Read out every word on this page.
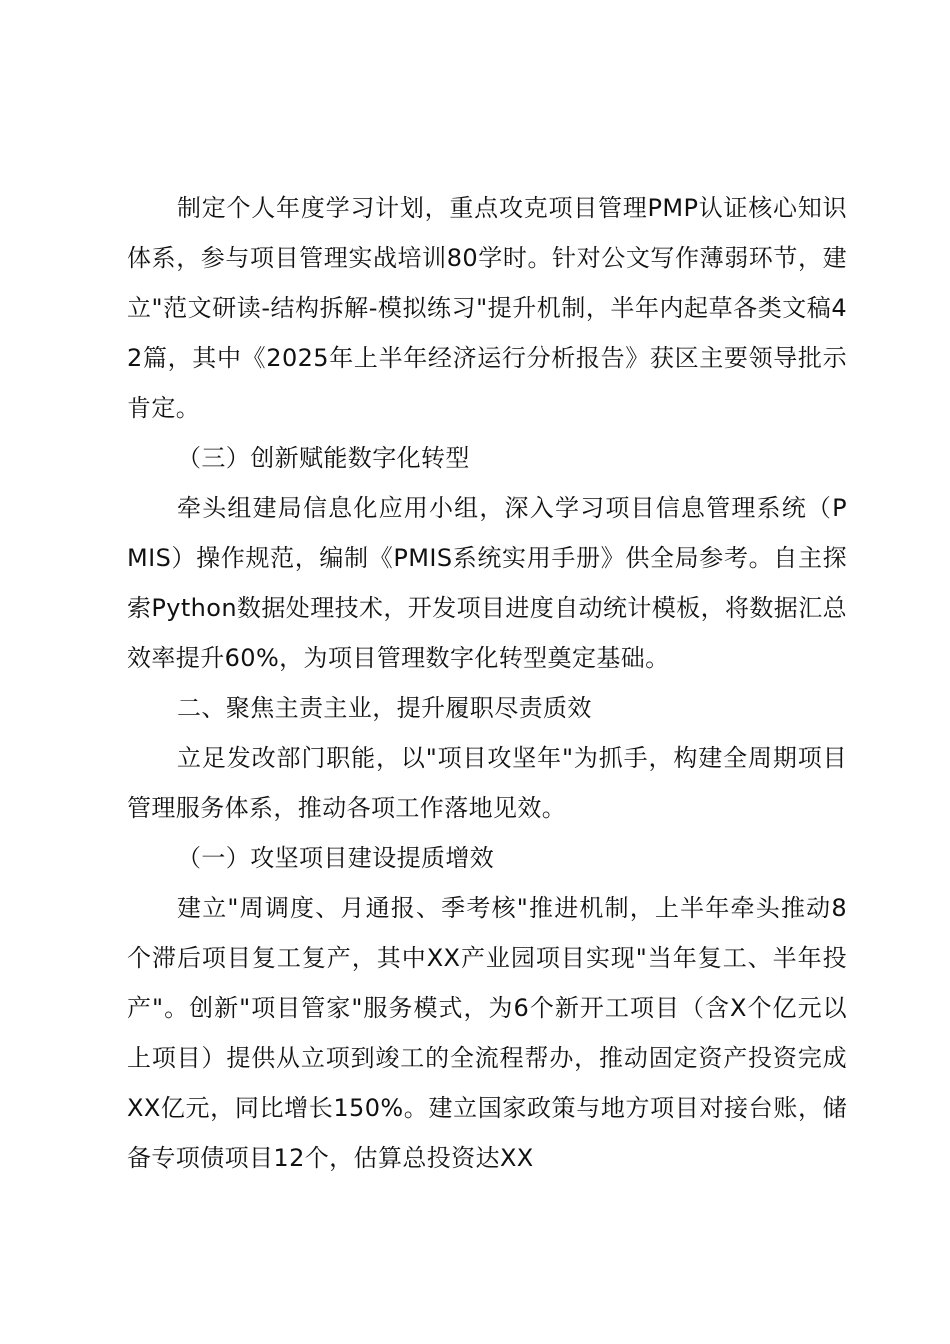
制定个人年度学习计划，重点攻克项目管理PMP认证核心知识体系，参与项目管理实战培训80学时。针对公文写作薄弱环节，建立"范文研读-结构拆解-模拟练习"提升机制，半年内起草各类文稿42篇，其中《2025年上半年经济运行分析报告》获区主要领导批示肯定。

（三）创新赋能数字化转型

牵头组建局信息化应用小组，深入学习项目信息管理系统（PMIS）操作规范，编制《PMIS系统实用手册》供全局参考。自主探索Python数据处理技术，开发项目进度自动统计模板，将数据汇总效率提升60%，为项目管理数字化转型奠定基础。

二、聚焦主责主业，提升履职尽责质效

立足发改部门职能，以"项目攻坚年"为抓手，构建全周期项目管理服务体系，推动各项工作落地见效。

（一）攻坚项目建设提质增效

建立"周调度、月通报、季考核"推进机制，上半年牵头推动8个滞后项目复工复产，其中XX产业园项目实现"当年复工、半年投产"。创新"项目管家"服务模式，为6个新开工项目（含X个亿元以上项目）提供从立项到竣工的全流程帮办，推动固定资产投资完成XX亿元，同比增长150%。建立国家政策与地方项目对接台账，储备专项债项目12个，估算总投资达XX
